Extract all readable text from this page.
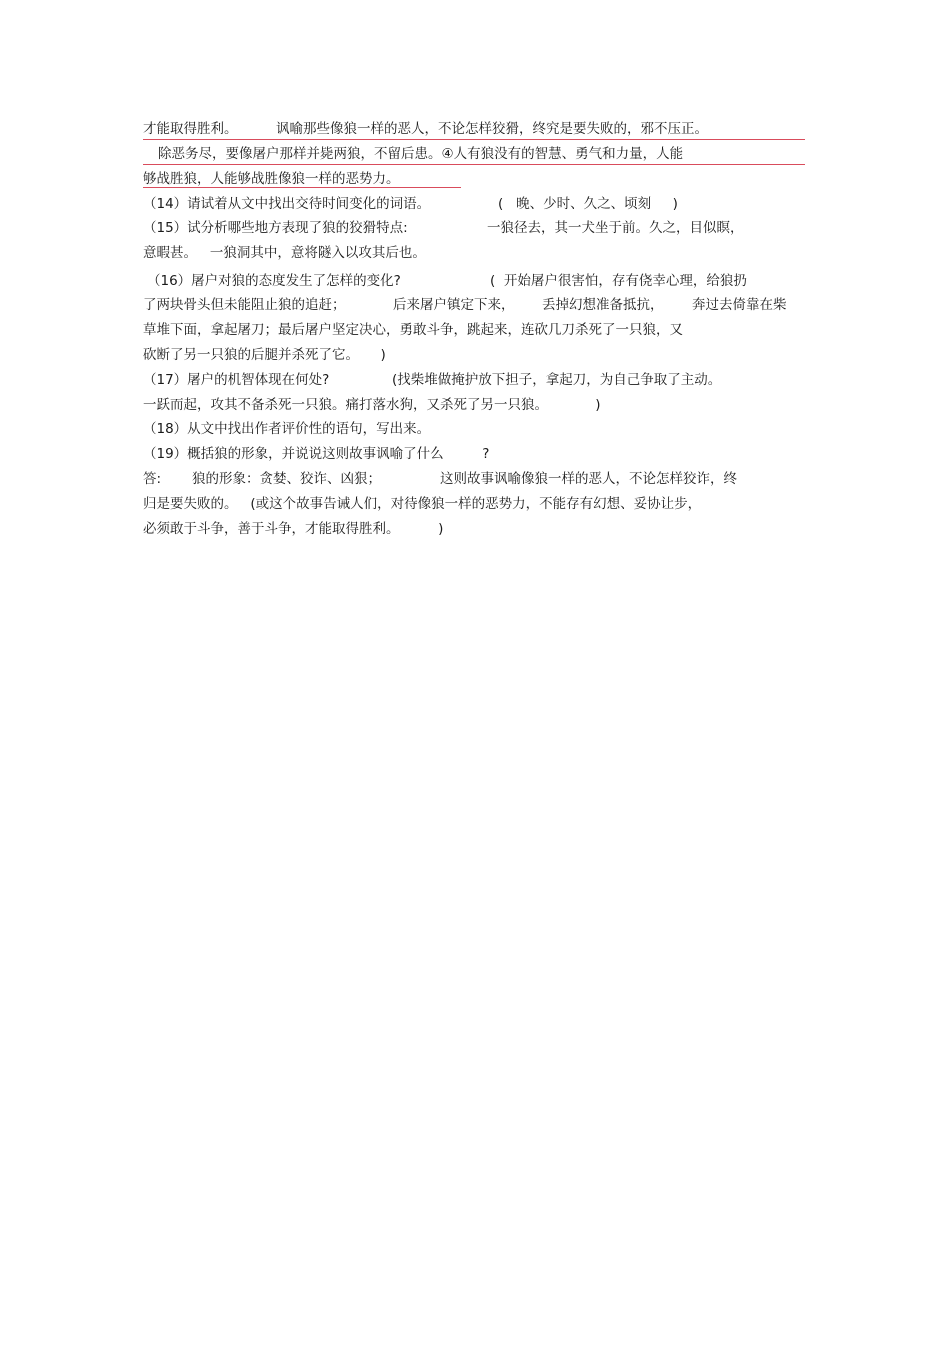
才能取得胜利。

	讽喻那些像狼一样的恶人，不论怎样狡猾，终究是要失败的，邪不压正。

除恶务尽，要像屠户那样并毙两狼，不留后患。④人有狼没有的智慧、勇气和力量，人能

够战胜狼，人能够战胜像狼一样的恶势力。

（14）请试着从文中找出交待时间变化的词语。

	(   晚、少时、久之、顷刻     )

（15）试分析哪些地方表现了狼的狡猾特点:

	一狼径去，其一犬坐于前。久之，目似瞑，

意暇甚。   一狼洞其中，意将隧入以攻其后也。

（16）屠户对狼的态度发生了怎样的变化?

	(  开始屠户很害怕，存有侥幸心理，给狼扔

了两块骨头但未能阻止狼的追赶；

	后来屠户镇定下来，

丢掉幻想准备抵抗，

奔过去倚靠在柴

草堆下面，拿起屠刀；最后屠户坚定决心，勇敢斗争，跳起来，连砍几刀杀死了一只狼，又

砍断了另一只狼的后腿并杀死了它。     )

（17）屠户的机智体现在何处?

	(找柴堆做掩护放下担子，拿起刀，为自己争取了主动。

一跃而起，攻其不备杀死一只狼。痛打落水狗，又杀死了另一只狼。           )

（18）从文中找出作者评价性的语句，写出来。

（19）概括狼的形象，并说说这则故事讽喻了什么         ?

答:

狼的形象：贪婪、狡诈、凶狠；

	这则故事讽喻像狼一样的恶人，不论怎样狡诈，终

归是要失败的。   (或这个故事告诫人们，对待像狼一样的恶势力，不能存有幻想、妥协让步，

必须敢于斗争，善于斗争，才能取得胜利。         )
